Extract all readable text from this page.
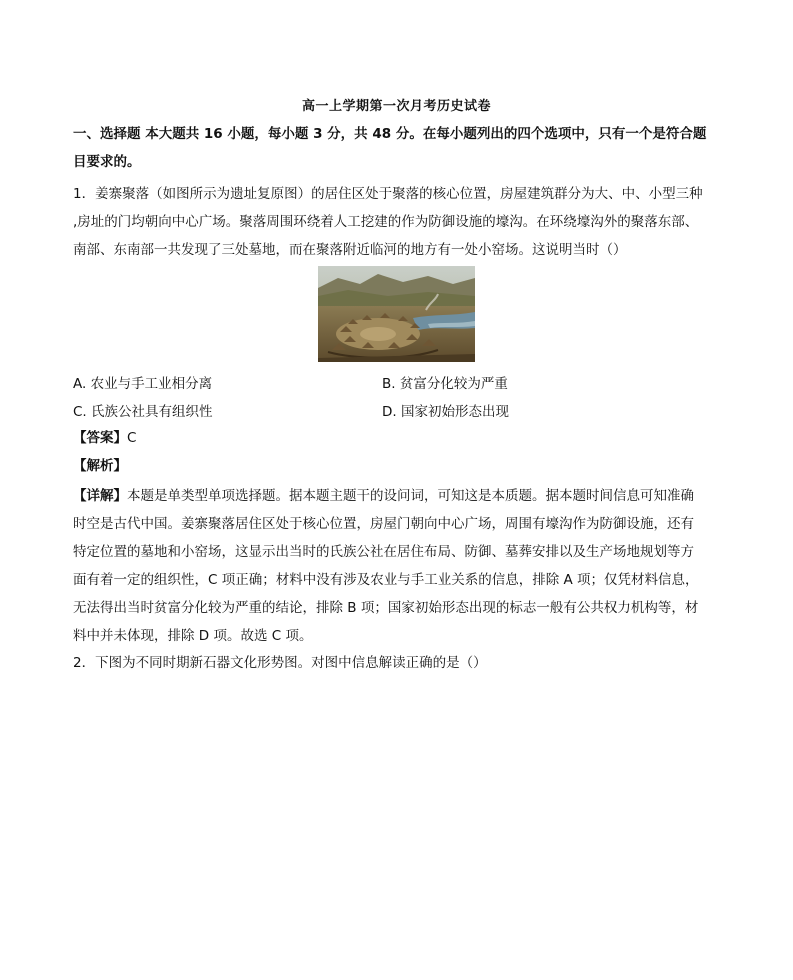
高一上学期第一次月考历史试卷
一、选择题 本大题共 16 小题，每小题 3 分，共 48 分。在每小题列出的四个选项中，只有一个是符合题
目要求的。
1．姜寨聚落（如图所示为遗址复原图）的居住区处于聚落的核心位置，房屋建筑群分为大、中、小型三种
,房址的门均朝向中心广场。聚落周围环绕着人工挖建的作为防御设施的壕沟。在环绕壕沟外的聚落东部、
南部、东南部一共发现了三处墓地，而在聚落附近临河的地方有一处小窑场。这说明当时（）
A. 农业与手工业相分离	B. 贫富分化较为严重
C. 氏族公社具有组织性	D. 国家初始形态出现
【答案】C
【解析】
【详解】本题是单类型单项选择题。据本题主题干的设问词，可知这是本质题。据本题时间信息可知准确
时空是古代中国。姜寨聚落居住区处于核心位置，房屋门朝向中心广场，周围有壕沟作为防御设施，还有
特定位置的墓地和小窑场，这显示出当时的氏族公社在居住布局、防御、墓葬安排以及生产场地规划等方
面有着一定的组织性，C 项正确；材料中没有涉及农业与手工业关系的信息，排除 A 项；仅凭材料信息，
无法得出当时贫富分化较为严重的结论，排除 B 项；国家初始形态出现的标志一般有公共权力机构等，材
料中并未体现，排除 D 项。故选 C 项。
2．下图为不同时期新石器文化形势图。对图中信息解读正确的是（）
